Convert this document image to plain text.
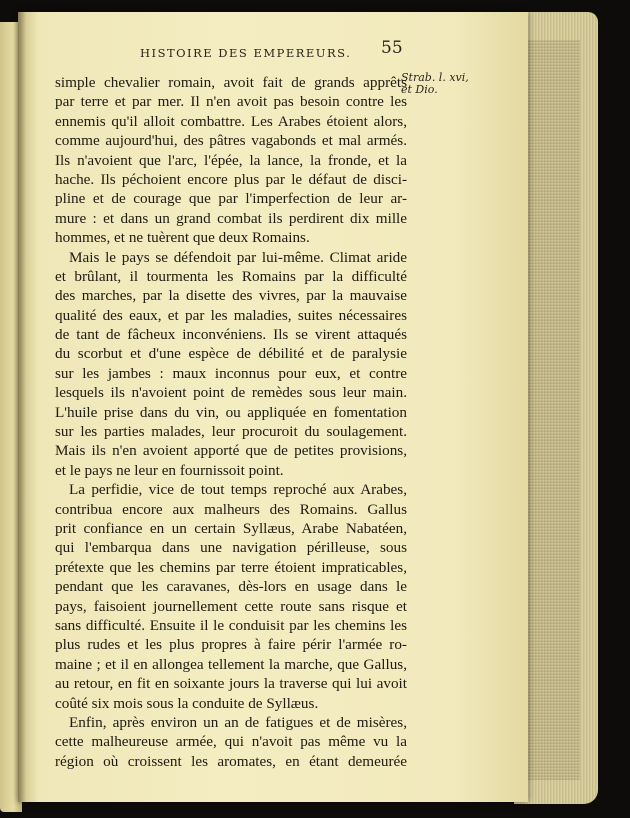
HISTOIRE DES EMPEREURS. 55
Strab. l. xvi,
et Dio.
simple chevalier romain, avoit fait de grands apprêts
par terre et par mer. Il n'en avoit pas besoin contre les
ennemis qu'il alloit combattre. Les Arabes étoient alors,
comme aujourd'hui, des pâtres vagabonds et mal armés.
Ils n'avoient que l'arc, l'épée, la lance, la fronde, et la
hache. Ils péchoient encore plus par le défaut de disci-
pline et de courage que par l'imperfection de leur ar-
mure : et dans un grand combat ils perdirent dix mille
hommes, et ne tuèrent que deux Romains.
Mais le pays se défendoit par lui-même. Climat aride
et brûlant, il tourmenta les Romains par la difficulté
des marches, par la disette des vivres, par la mauvaise
qualité des eaux, et par les maladies, suites nécessaires
de tant de fâcheux inconvéniens. Ils se virent attaqués
du scorbut et d'une espèce de débilité et de paralysie
sur les jambes : maux inconnus pour eux, et contre
lesquels ils n'avoient point de remèdes sous leur main.
L'huile prise dans du vin, ou appliquée en fomentation
sur les parties malades, leur procuroit du soulagement.
Mais ils n'en avoient apporté que de petites provisions,
et le pays ne leur en fournissoit point.
La perfidie, vice de tout temps reproché aux Arabes,
contribua encore aux malheurs des Romains. Gallus
prit confiance en un certain Syllæus, Arabe Nabatéen,
qui l'embarqua dans une navigation périlleuse, sous
prétexte que les chemins par terre étoient impraticables,
pendant que les caravanes, dès-lors en usage dans le
pays, faisoient journellement cette route sans risque et
sans difficulté. Ensuite il le conduisit par les chemins les
plus rudes et les plus propres à faire périr l'armée ro-
maine ; et il en allongea tellement la marche, que Gallus,
au retour, en fit en soixante jours la traverse qui lui avoit
coûté six mois sous la conduite de Syllæus.
Enfin, après environ un an de fatigues et de misères,
cette malheureuse armée, qui n'avoit pas même vu la
région où croissent les aromates, en étant demeurée
